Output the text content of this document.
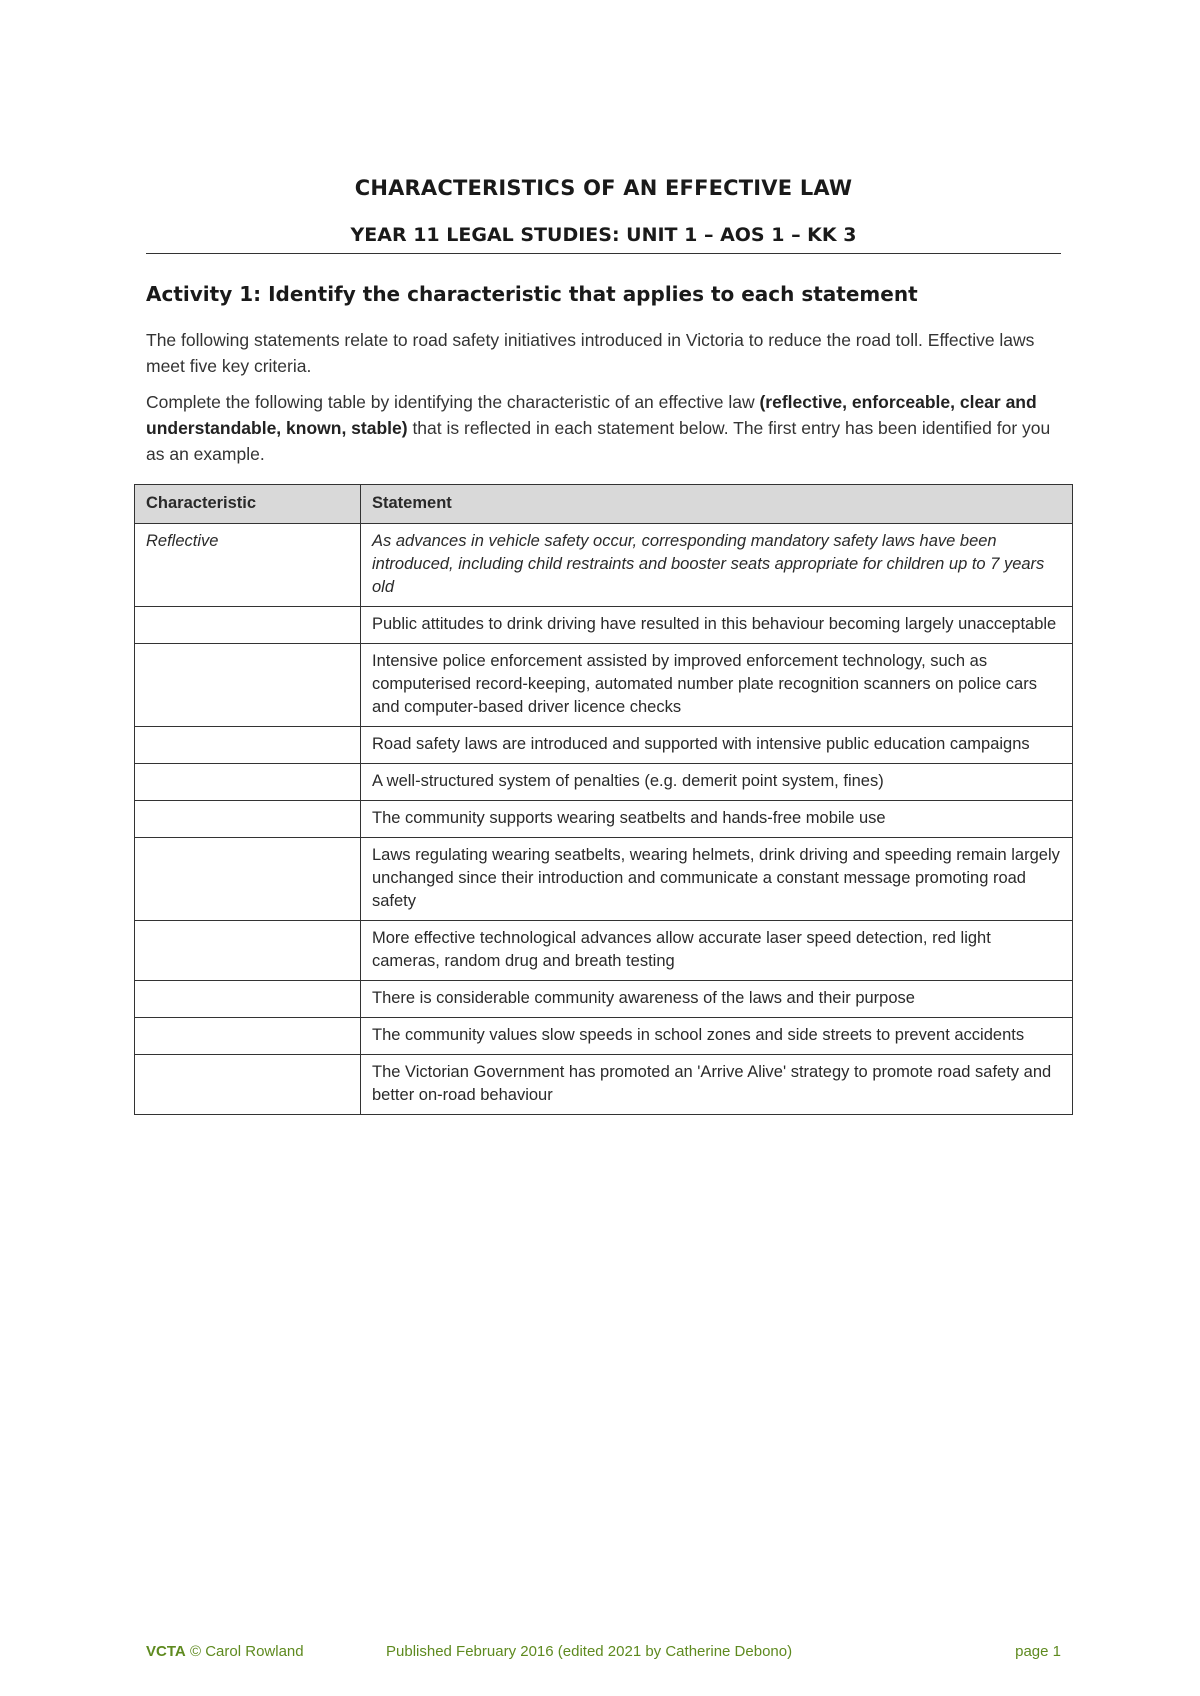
CHARACTERISTICS OF AN EFFECTIVE LAW
YEAR 11 LEGAL STUDIES: UNIT 1 – AOS 1 – KK 3
Activity 1: Identify the characteristic that applies to each statement
The following statements relate to road safety initiatives introduced in Victoria to reduce the road toll. Effective laws meet five key criteria.
Complete the following table by identifying the characteristic of an effective law (reflective, enforceable, clear and understandable, known, stable) that is reflected in each statement below. The first entry has been identified for you as an example.
Characteristic	Statement
Reflective	As advances in vehicle safety occur, corresponding mandatory safety laws have been introduced, including child restraints and booster seats appropriate for children up to 7 years old
	Public attitudes to drink driving have resulted in this behaviour becoming largely unacceptable
	Intensive police enforcement assisted by improved enforcement technology, such as computerised record-keeping, automated number plate recognition scanners on police cars and computer-based driver licence checks
	Road safety laws are introduced and supported with intensive public education campaigns
	A well-structured system of penalties (e.g. demerit point system, fines)
	The community supports wearing seatbelts and hands-free mobile use
	Laws regulating wearing seatbelts, wearing helmets, drink driving and speeding remain largely unchanged since their introduction and communicate a constant message promoting road safety
	More effective technological advances allow accurate laser speed detection, red light cameras, random drug and breath testing
	There is considerable community awareness of the laws and their purpose
	The community values slow speeds in school zones and side streets to prevent accidents
	The Victorian Government has promoted an 'Arrive Alive' strategy to promote road safety and better on-road behaviour
VCTA © Carol Rowland	Published February 2016 (edited 2021 by Catherine Debono)	page 1
